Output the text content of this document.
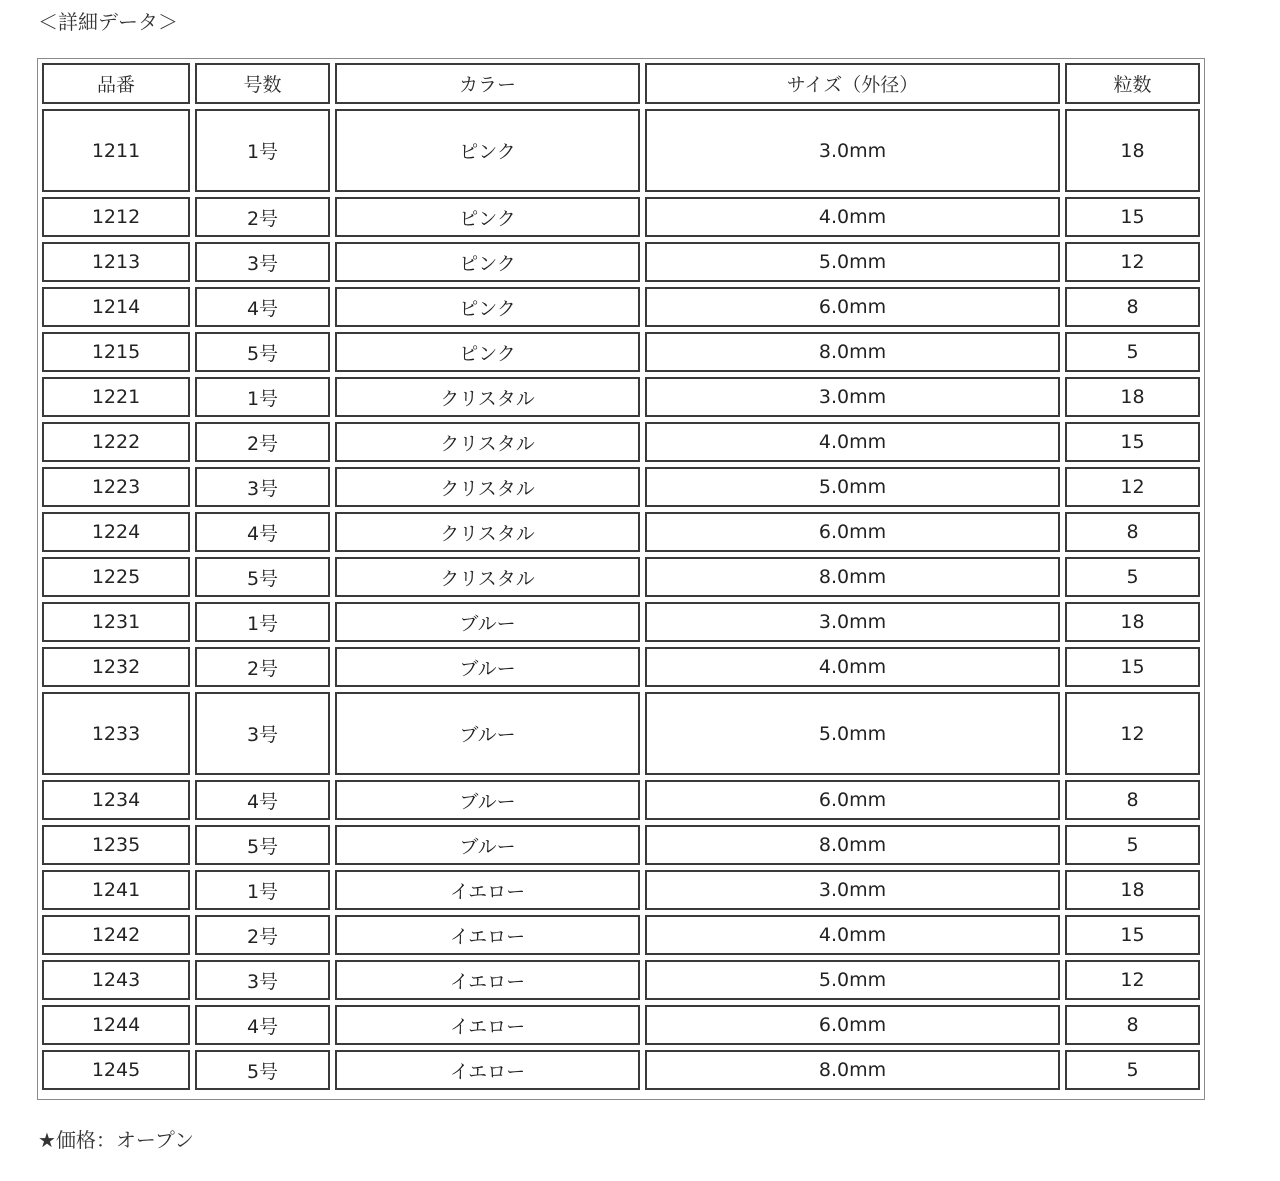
＜詳細データ＞
品番	号数	カラー	サイズ（外径）	粒数
1211	1号	ピンク	3.0mm	18
1212	2号	ピンク	4.0mm	15
1213	3号	ピンク	5.0mm	12
1214	4号	ピンク	6.0mm	8
1215	5号	ピンク	8.0mm	5
1221	1号	クリスタル	3.0mm	18
1222	2号	クリスタル	4.0mm	15
1223	3号	クリスタル	5.0mm	12
1224	4号	クリスタル	6.0mm	8
1225	5号	クリスタル	8.0mm	5
1231	1号	ブルー	3.0mm	18
1232	2号	ブルー	4.0mm	15
1233	3号	ブルー	5.0mm	12
1234	4号	ブルー	6.0mm	8
1235	5号	ブルー	8.0mm	5
1241	1号	イエロー	3.0mm	18
1242	2号	イエロー	4.0mm	15
1243	3号	イエロー	5.0mm	12
1244	4号	イエロー	6.0mm	8
1245	5号	イエロー	8.0mm	5
★価格：オープン
